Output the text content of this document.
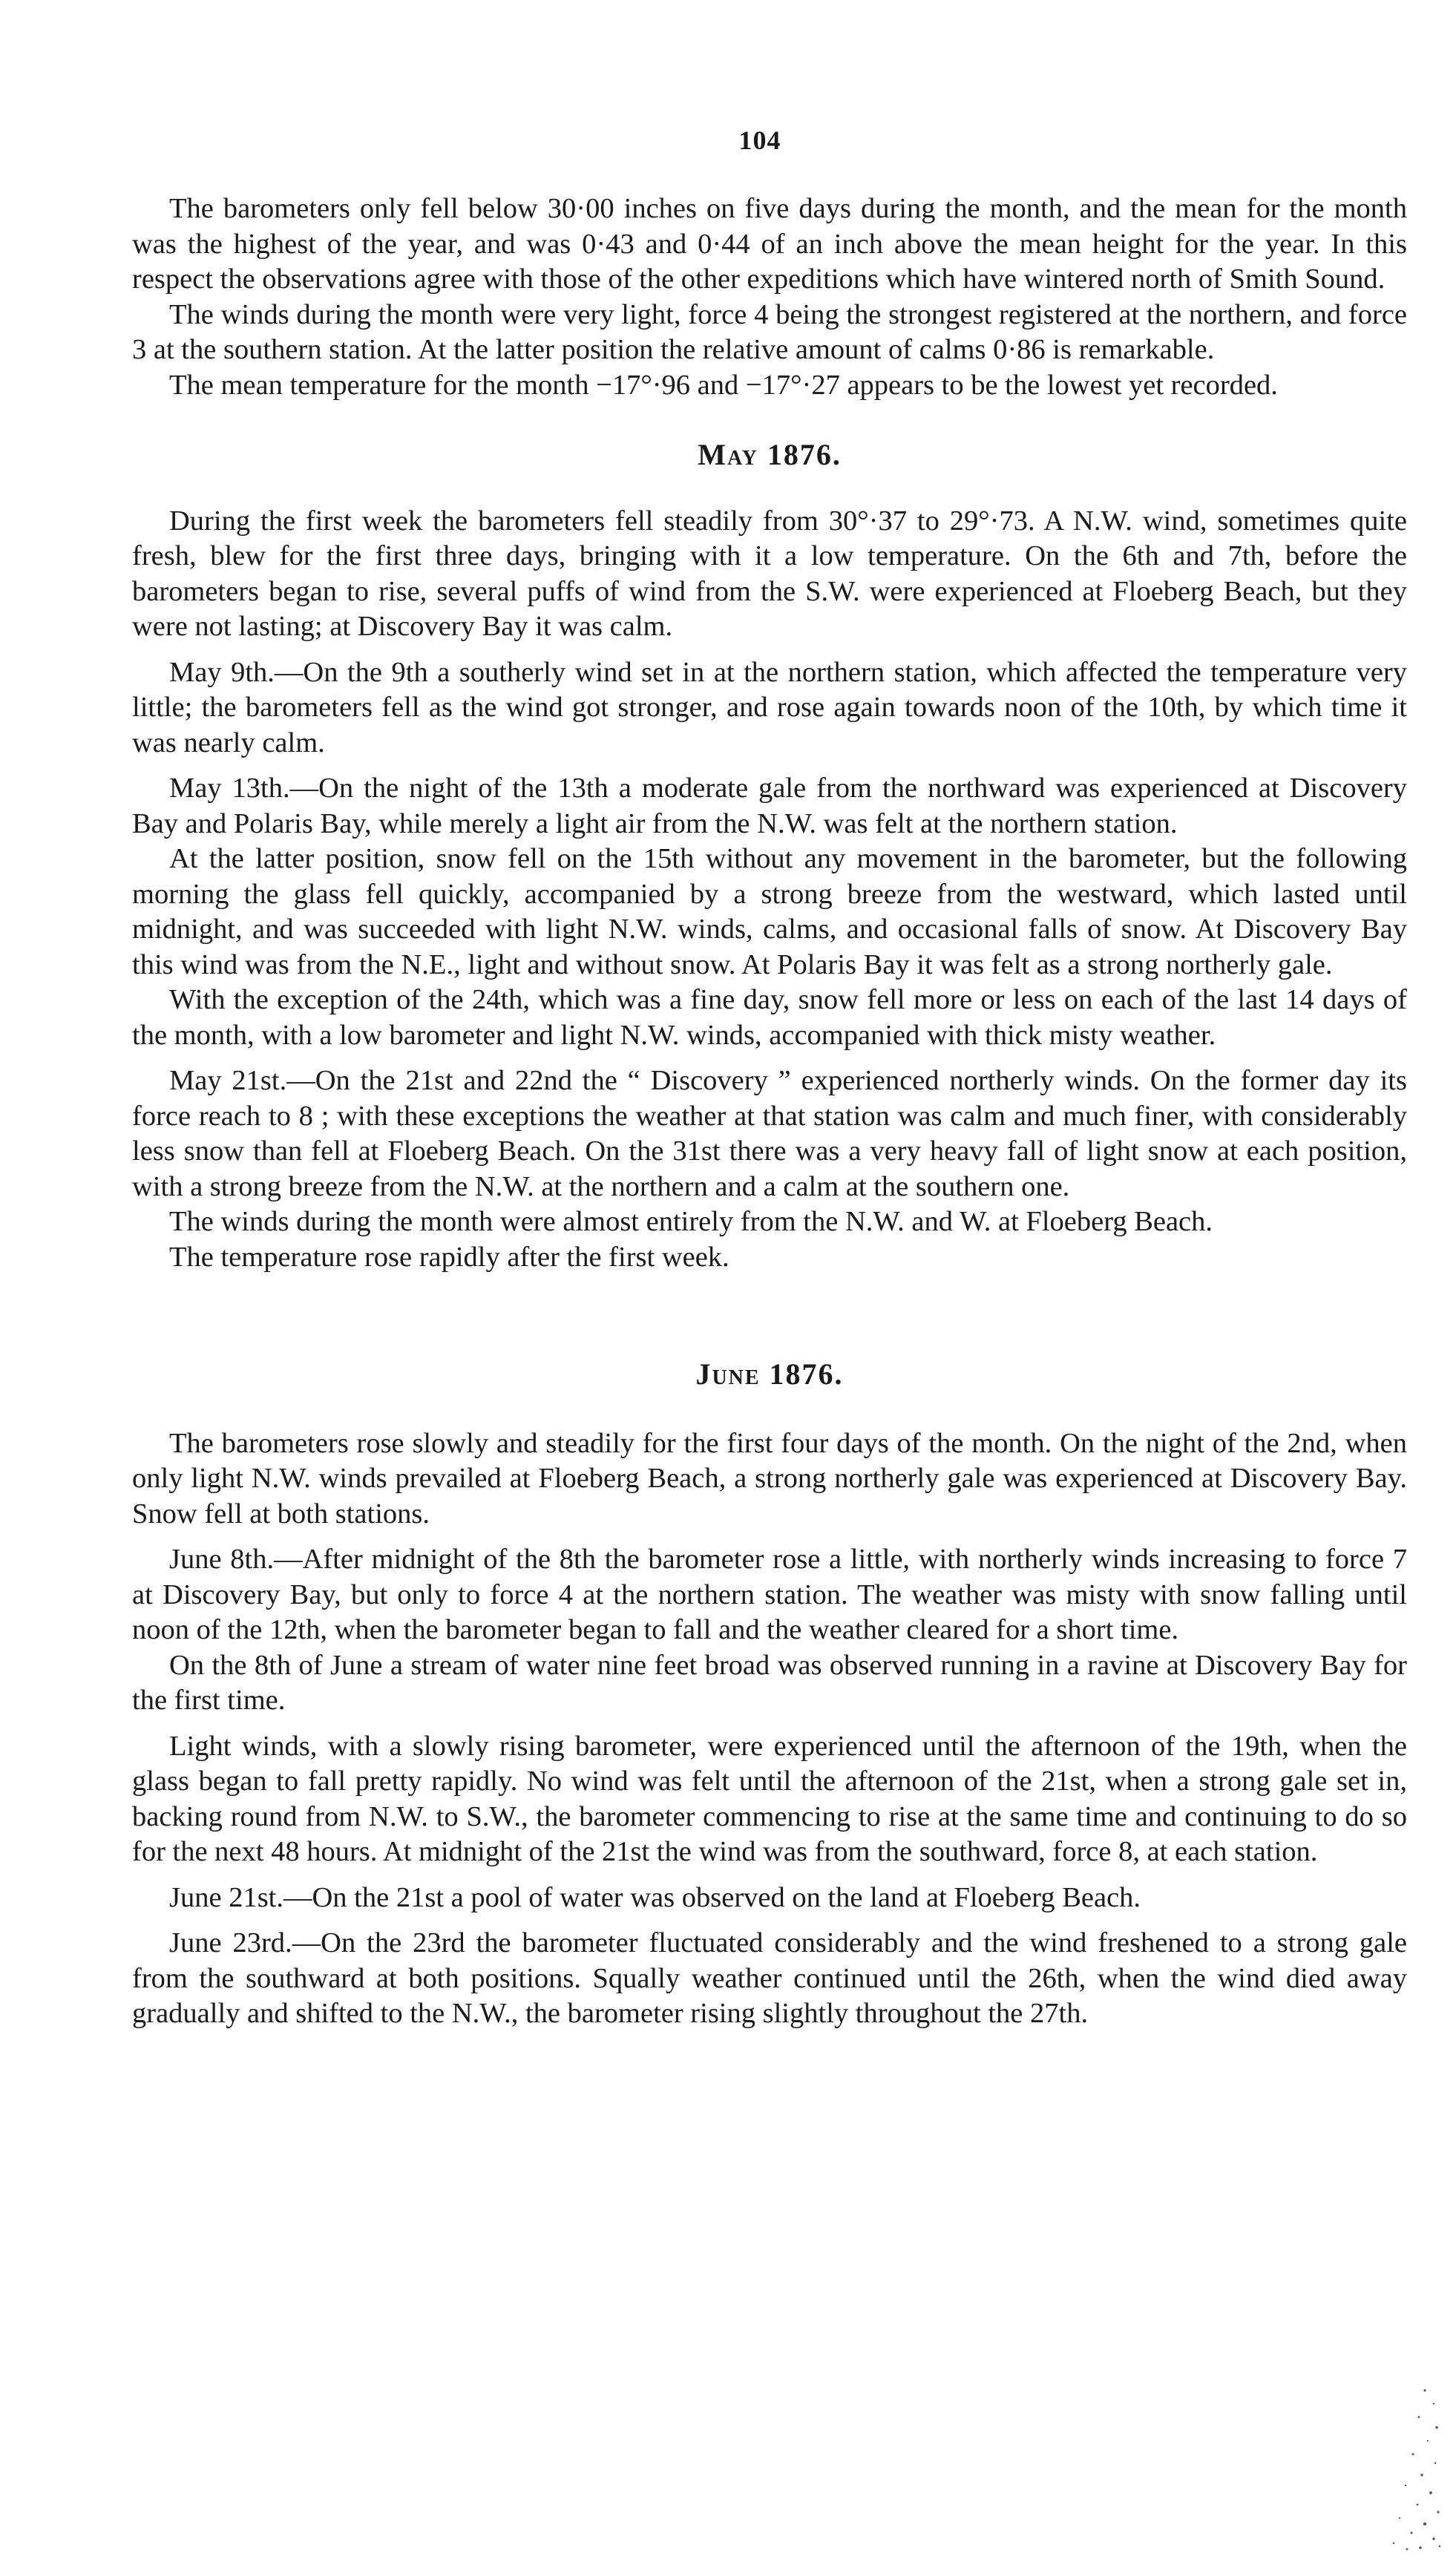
104

The barometers only fell below 30·00 inches on five days during the month, and the mean for the month was the highest of the year, and was 0·43 and 0·44 of an inch above the mean height for the year. In this respect the observations agree with those of the other expeditions which have wintered north of Smith Sound.

The winds during the month were very light, force 4 being the strongest registered at the northern, and force 3 at the southern station. At the latter position the relative amount of calms 0·86 is remarkable.

The mean temperature for the month −17°·96 and −17°·27 appears to be the lowest yet recorded.

May 1876.

During the first week the barometers fell steadily from 30°·37 to 29°·73. A N.W. wind, sometimes quite fresh, blew for the first three days, bringing with it a low temperature. On the 6th and 7th, before the barometers began to rise, several puffs of wind from the S.W. were experienced at Floeberg Beach, but they were not lasting; at Discovery Bay it was calm.

May 9th.—On the 9th a southerly wind set in at the northern station, which affected the temperature very little; the barometers fell as the wind got stronger, and rose again towards noon of the 10th, by which time it was nearly calm.

May 13th.—On the night of the 13th a moderate gale from the northward was experienced at Discovery Bay and Polaris Bay, while merely a light air from the N.W. was felt at the northern station.

At the latter position, snow fell on the 15th without any movement in the barometer, but the following morning the glass fell quickly, accompanied by a strong breeze from the westward, which lasted until midnight, and was succeeded with light N.W. winds, calms, and occasional falls of snow. At Discovery Bay this wind was from the N.E., light and without snow. At Polaris Bay it was felt as a strong northerly gale.

With the exception of the 24th, which was a fine day, snow fell more or less on each of the last 14 days of the month, with a low barometer and light N.W. winds, accompanied with thick misty weather.

May 21st.—On the 21st and 22nd the “ Discovery ” experienced northerly winds. On the former day its force reach to 8 ; with these exceptions the weather at that station was calm and much finer, with considerably less snow than fell at Floeberg Beach. On the 31st there was a very heavy fall of light snow at each position, with a strong breeze from the N.W. at the northern and a calm at the southern one.

The winds during the month were almost entirely from the N.W. and W. at Floeberg Beach.

The temperature rose rapidly after the first week.

June 1876.

The barometers rose slowly and steadily for the first four days of the month. On the night of the 2nd, when only light N.W. winds prevailed at Floeberg Beach, a strong northerly gale was experienced at Discovery Bay. Snow fell at both stations.

June 8th.—After midnight of the 8th the barometer rose a little, with northerly winds increasing to force 7 at Discovery Bay, but only to force 4 at the northern station. The weather was misty with snow falling until noon of the 12th, when the barometer began to fall and the weather cleared for a short time.

On the 8th of June a stream of water nine feet broad was observed running in a ravine at Discovery Bay for the first time.

Light winds, with a slowly rising barometer, were experienced until the afternoon of the 19th, when the glass began to fall pretty rapidly. No wind was felt until the afternoon of the 21st, when a strong gale set in, backing round from N.W. to S.W., the barometer commencing to rise at the same time and continuing to do so for the next 48 hours. At midnight of the 21st the wind was from the southward, force 8, at each station.

June 21st.—On the 21st a pool of water was observed on the land at Floeberg Beach.

June 23rd.—On the 23rd the barometer fluctuated considerably and the wind freshened to a strong gale from the southward at both positions. Squally weather continued until the 26th, when the wind died away gradually and shifted to the N.W., the barometer rising slightly throughout the 27th.
